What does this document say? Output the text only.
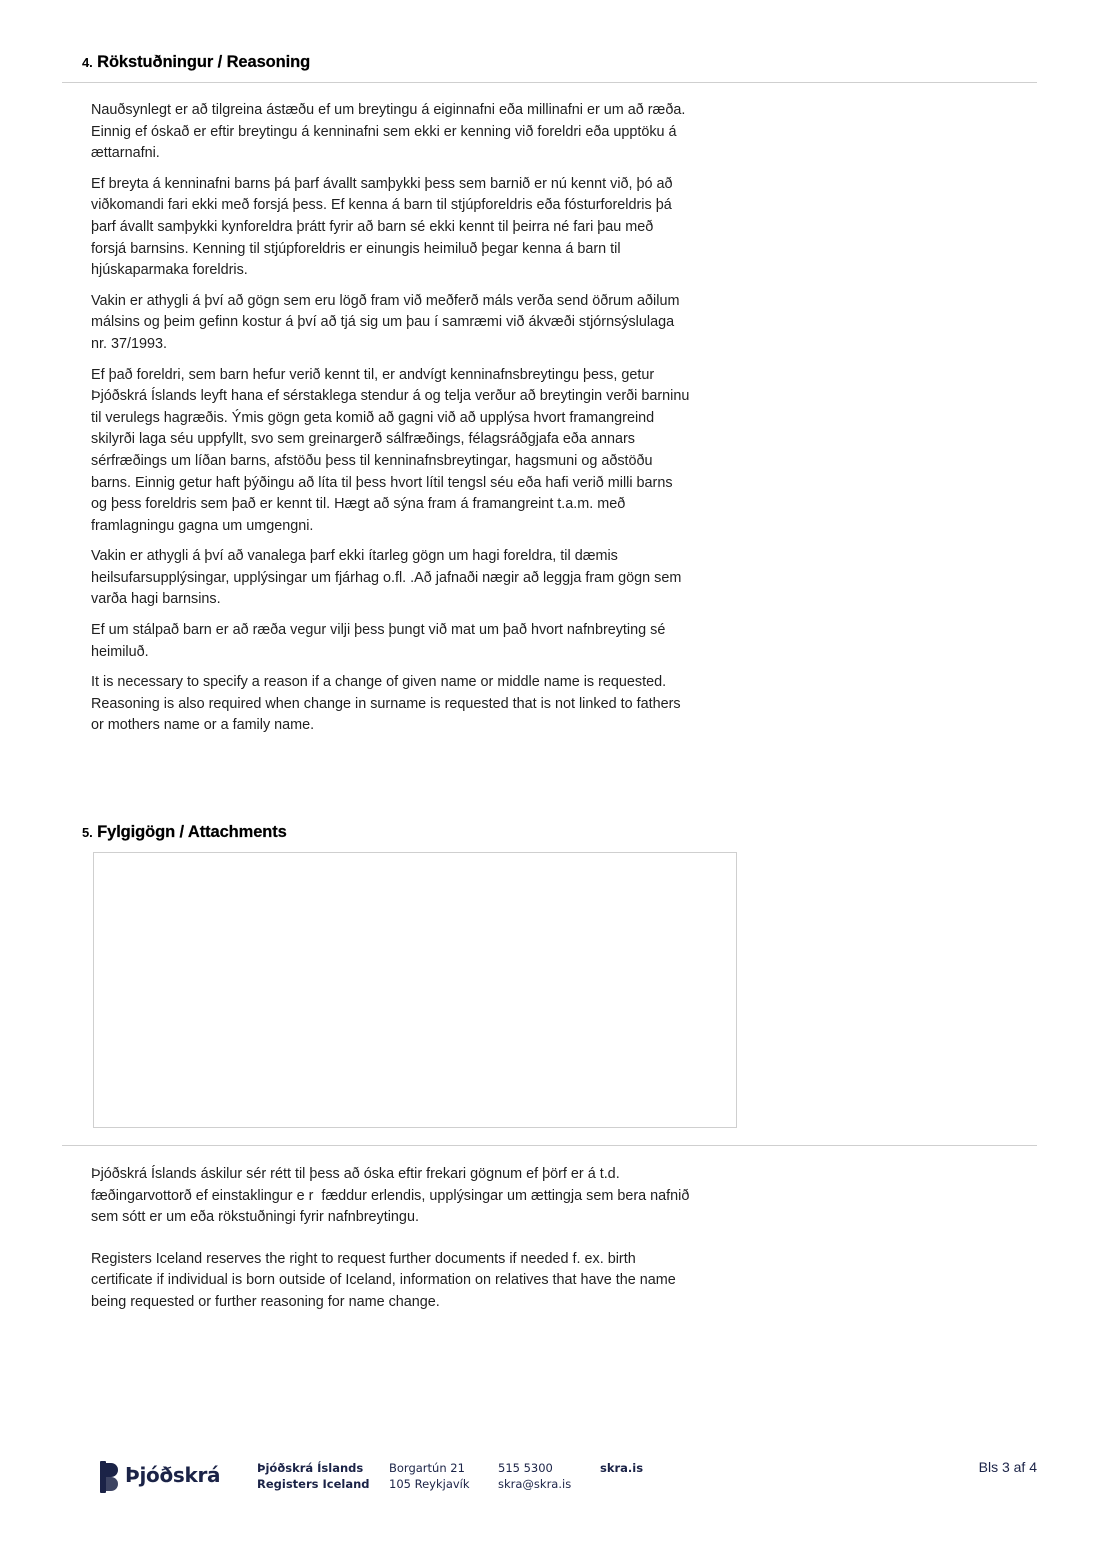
4. Rökstuðningur / Reasoning

Nauðsynlegt er að tilgreina ástæðu ef um breytingu á eiginnafni eða millinafni er um að ræða. Einnig ef óskað er eftir breytingu á kenninafni sem ekki er kenning við foreldri eða upptöku á ættarnafni.

Ef breyta á kenninafni barns þá þarf ávallt samþykki þess sem barnið er nú kennt við, þó að viðkomandi fari ekki með forsjá þess. Ef kenna á barn til stjúpforeldris eða fósturforeldris þá þarf ávallt samþykki kynforeldra þrátt fyrir að barn sé ekki kennt til þeirra né fari þau með forsjá barnsins. Kenning til stjúpforeldris er einungis heimiluð þegar kenna á barn til hjúskaparmaka foreldris.

Vakin er athygli á því að gögn sem eru lögð fram við meðferð máls verða send öðrum aðilum málsins og þeim gefinn kostur á því að tjá sig um þau í samræmi við ákvæði stjórnsýslulaga nr. 37/1993.

Ef það foreldri, sem barn hefur verið kennt til, er andvígt kenninafnsbreytingu þess, getur Þjóðskrá Íslands leyft hana ef sérstaklega stendur á og telja verður að breytingin verði barninu til verulegs hagræðis. Ýmis gögn geta komið að gagni við að upplýsa hvort framangreind skilyrði laga séu uppfyllt, svo sem greinargerð sálfræðings, félagsráðgjafa eða annars sérfræðings um líðan barns, afstöðu þess til kenninafnsbreytingar, hagsmuni og aðstöðu barns. Einnig getur haft þýðingu að líta til þess hvort lítil tengsl séu eða hafi verið milli barns og þess foreldris sem það er kennt til. Hægt að sýna fram á framangreint t.a.m. með framlagningu gagna um umgengni.

Vakin er athygli á því að vanalega þarf ekki ítarleg gögn um hagi foreldra, til dæmis heilsufarsupplýsingar, upplýsingar um fjárhag o.fl. .Að jafnaði nægir að leggja fram gögn sem varða hagi barnsins.

Ef um stálpað barn er að ræða vegur vilji þess þungt við mat um það hvort nafnbreyting sé heimiluð.

It is necessary to specify a reason if a change of given name or middle name is requested. Reasoning is also required when change in surname is requested that is not linked to fathers or mothers name or a family name.

5. Fylgigögn / Attachments

Þjóðskrá Íslands áskilur sér rétt til þess að óska eftir frekari gögnum ef þörf er á t.d. fæðingarvottorð ef einstaklingur e r  fæddur erlendis, upplýsingar um ættingja sem bera nafnið sem sótt er um eða rökstuðningi fyrir nafnbreytingu.

Registers Iceland reserves the right to request further documents if needed f. ex. birth certificate if individual is born outside of Iceland, information on relatives that have the name being requested or further reasoning for name change.

Þjóðskrá	Þjóðskrá Íslands
Registers Iceland
Borgartún 21
105 Reykjavík
515 5300
skra@skra.is
skra.is	Bls 3 af 4
